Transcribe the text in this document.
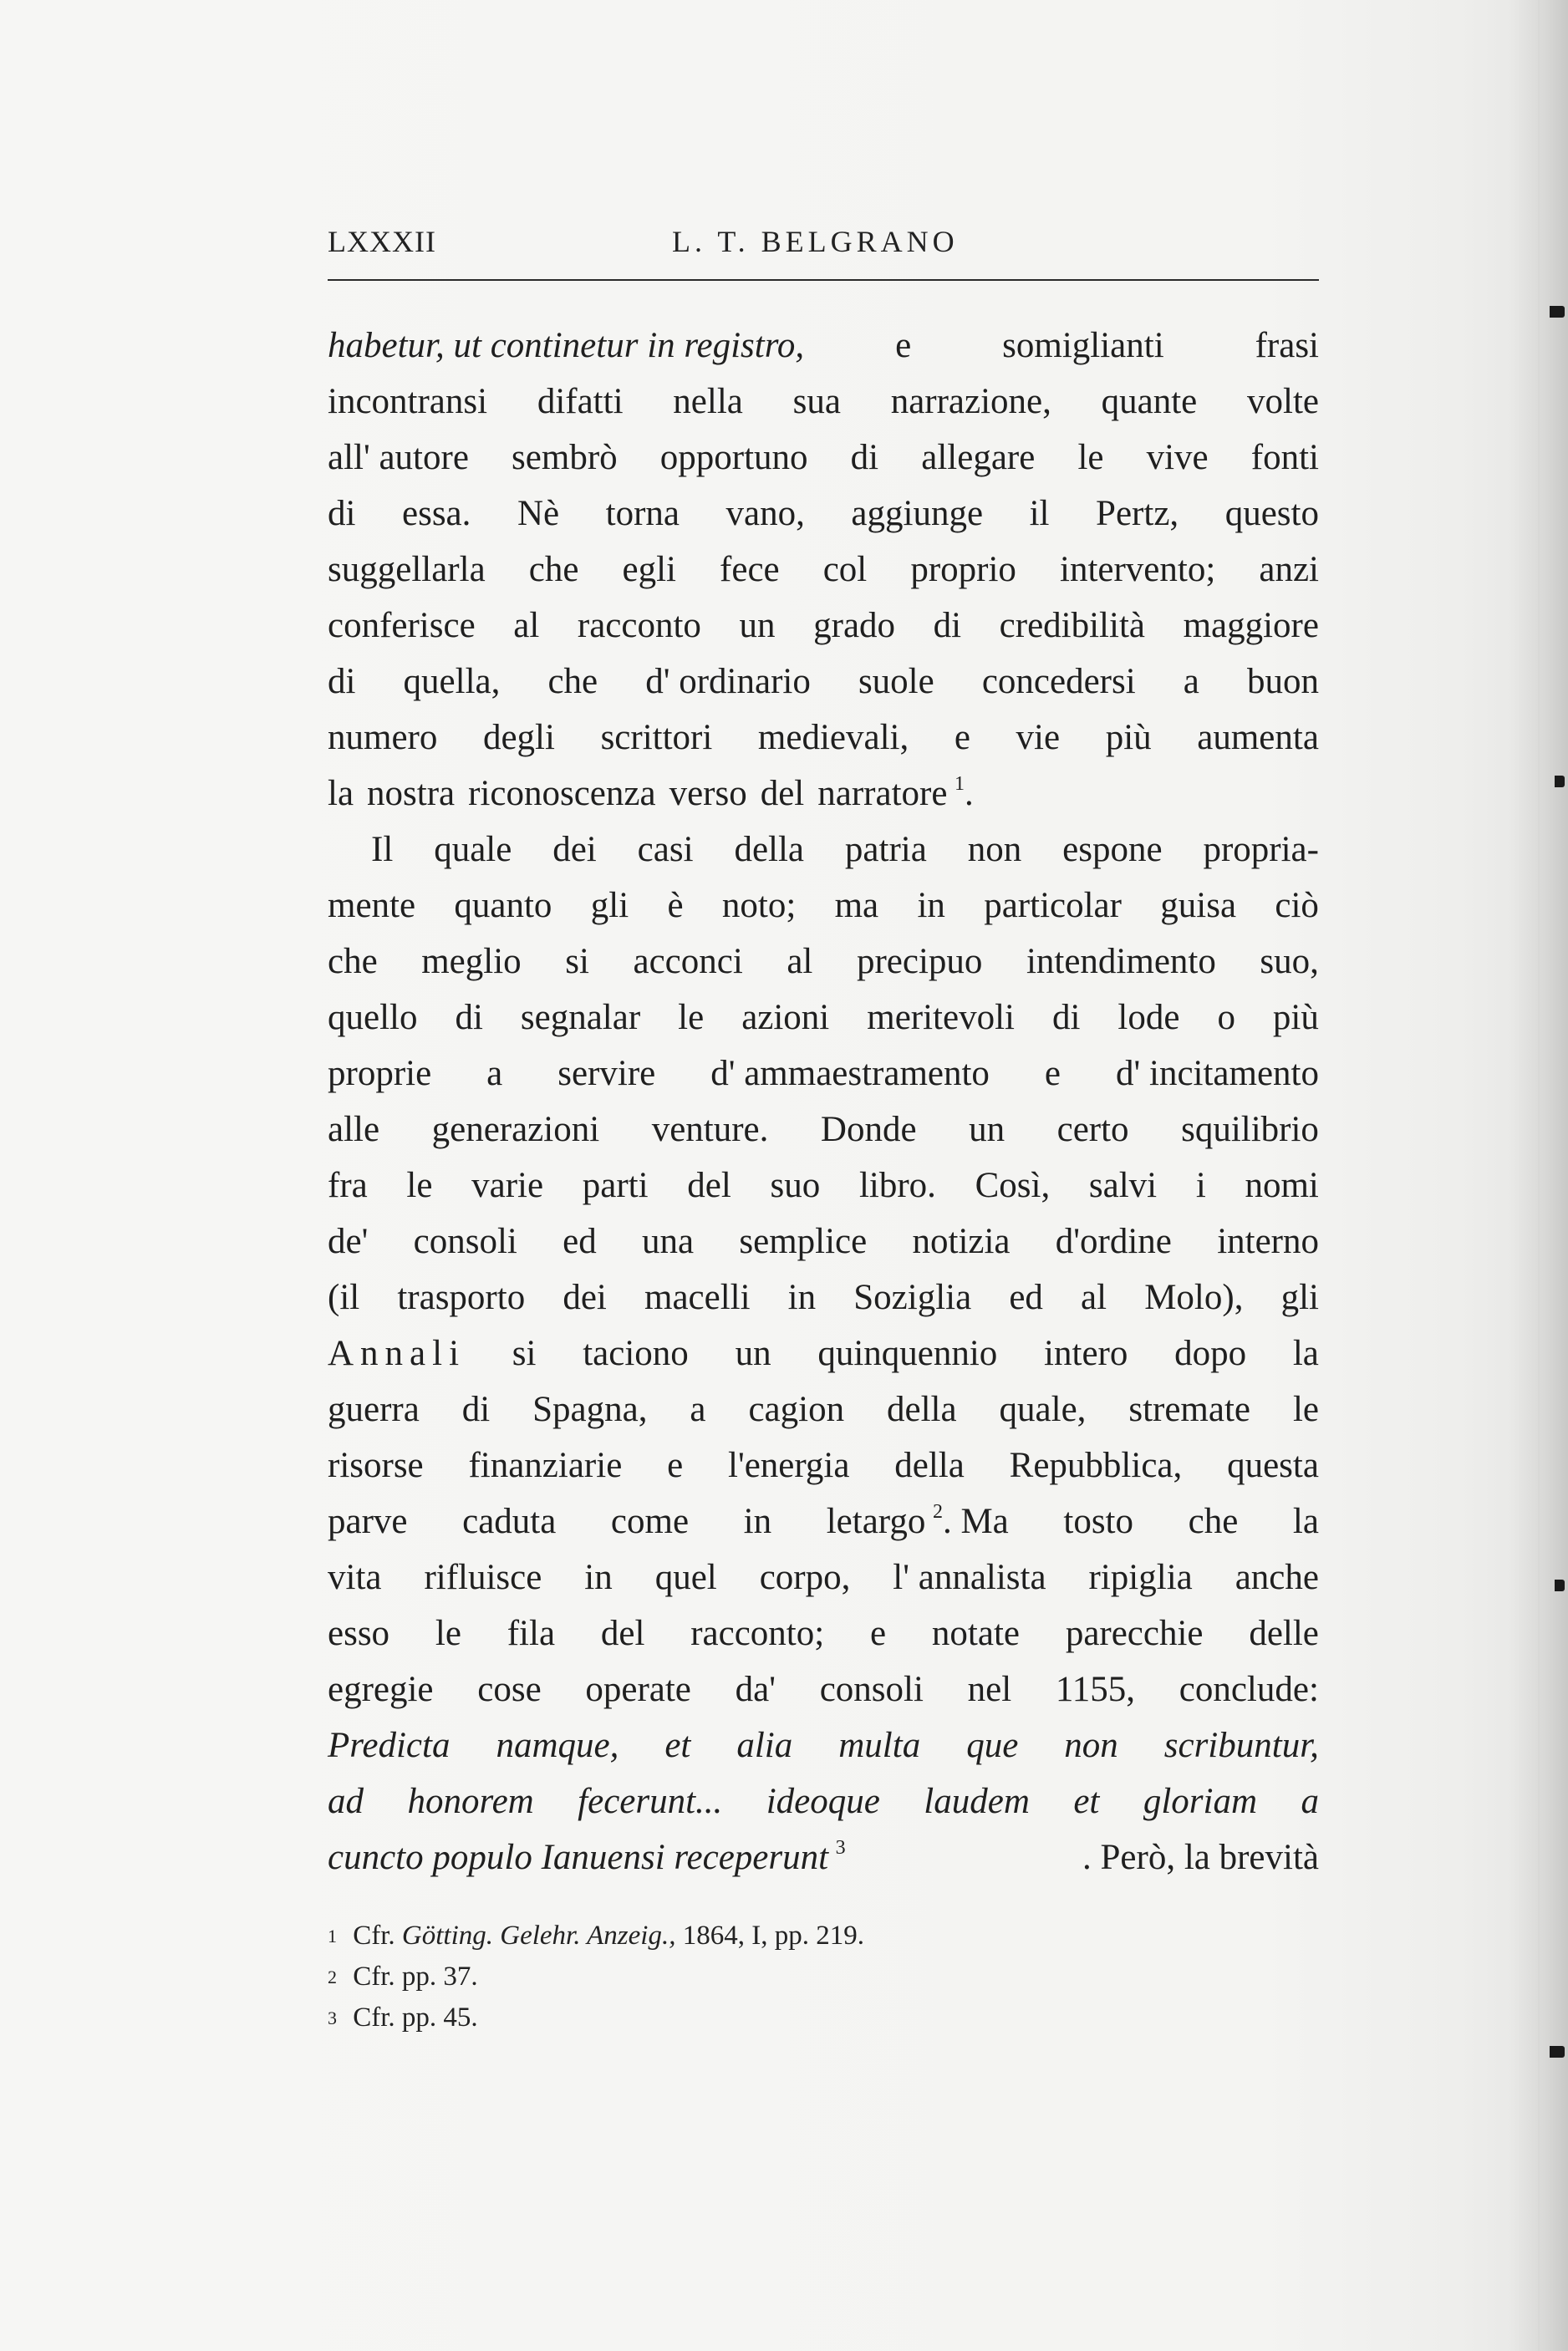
LXXXII	L. T. BELGRANO
habetur, ut continetur in registro,	e	somiglianti	frasi
incontransi difatti nella sua narrazione, quante volte
all' autore sembrò opportuno di allegare le vive fonti
di essa. Nè torna vano, aggiunge il Pertz, questo
suggellarla che egli fece col proprio intervento; anzi
conferisce al racconto un grado di credibilità maggiore
di quella, che d' ordinario suole concedersi a buon
numero degli scrittori medievali, e vie più aumenta
la nostra riconoscenza verso del narratore  $^1$.
Il quale dei casi della patria non espone propria-
mente quanto gli è noto; ma in particolar guisa ciò
che meglio si acconci al precipuo intendimento suo,
quello di segnalar le azioni meritevoli di lode o più
proprie a servire d' ammaestramento e d' incitamento
alle generazioni venture. Donde un certo squilibrio
fra le varie parti del suo libro. Così, salvi i nomi
de' consoli ed una semplice notizia d'ordine interno
(il trasporto dei macelli in Soziglia ed al Molo), gli
Annali si taciono un quinquennio intero dopo la
guerra di Spagna, a cagion della quale, stremate le
risorse finanziarie e l'energia della Repubblica, questa
parve caduta come in letargo  $^2$. Ma tosto che la
vita rifluisce in quel corpo, l' annalista ripiglia anche
esso le fila del racconto; e notate parecchie delle
egregie cose operate da' consoli nel 1155, conclude:
Predicta namque, et alia multa que non scribuntur,
ad honorem fecerunt... ideoque laudem et gloriam a
cuncto populo Ianuensi receperunt  $^3$	. Però, la brevità
1 Cfr. Götting. Gelehr. Anzeig., 1864, I, pp. 219.
2 Cfr. pp. 37.
3 Cfr. pp. 45.
